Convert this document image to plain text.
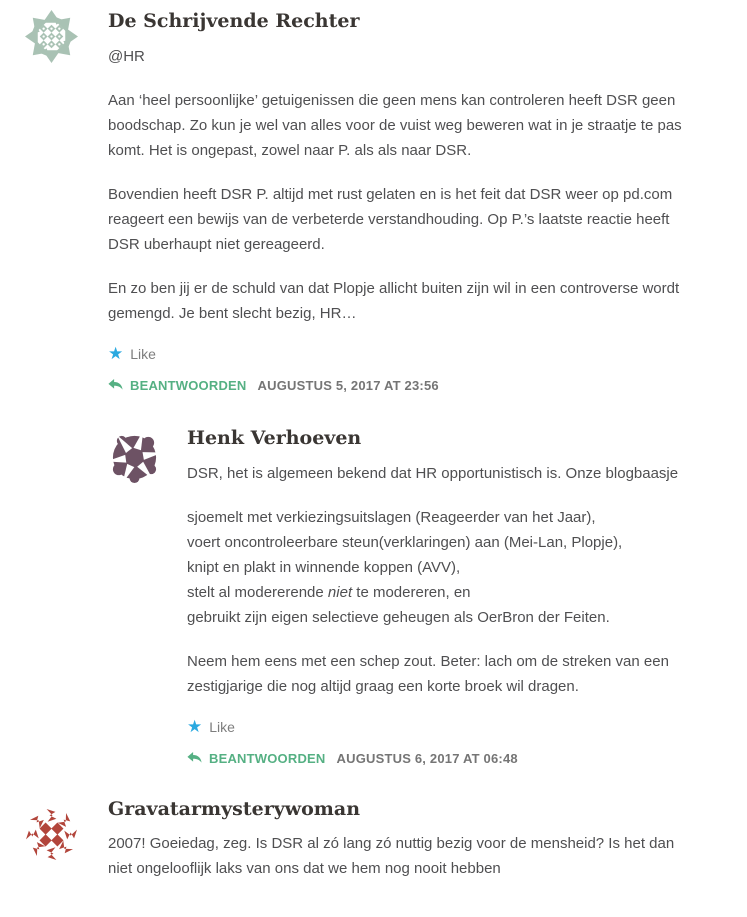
De Schrijvende Rechter

@HR

Aan ‘heel persoonlijke’ getuigenissen die geen mens kan controleren heeft DSR geen boodschap. Zo kun je wel van alles voor de vuist weg beweren wat in je straatje te pas komt. Het is ongepast, zowel naar P. als als naar DSR.

Bovendien heeft DSR P. altijd met rust gelaten en is het feit dat DSR weer op pd.com reageert een bewijs van de verbeterde verstandhouding. Op P.’s laatste reactie heeft DSR uberhaupt niet gereageerd.

En zo ben jij er de schuld van dat Plopje allicht buiten zijn wil in een controverse wordt gemengd. Je bent slecht bezig, HR…

★ Like
BEANTWOORDEN AUGUSTUS 5, 2017 AT 23:56
Henk Verhoeven

DSR, het is algemeen bekend dat HR opportunistisch is. Onze blogbaasje

sjoemelt met verkiezingsuitslagen (Reageerder van het Jaar),
voert oncontroleerbare steun(verklaringen) aan (Mei-Lan, Plopje),
knipt en plakt in winnende koppen (AVV),
stelt al modererende niet te modereren, en
gebruikt zijn eigen selectieve geheugen als OerBron der Feiten.

Neem hem eens met een schep zout. Beter: lach om de streken van een zestigjarige die nog altijd graag een korte broek wil dragen.

★ Like
BEANTWOORDEN AUGUSTUS 6, 2017 AT 06:48
Gravatarmysterywoman

2007! Goeiedag, zeg. Is DSR al zó lang zó nuttig bezig voor de mensheid? Is het dan niet ongelooflijk laks van ons dat we hem nog nooit hebben
